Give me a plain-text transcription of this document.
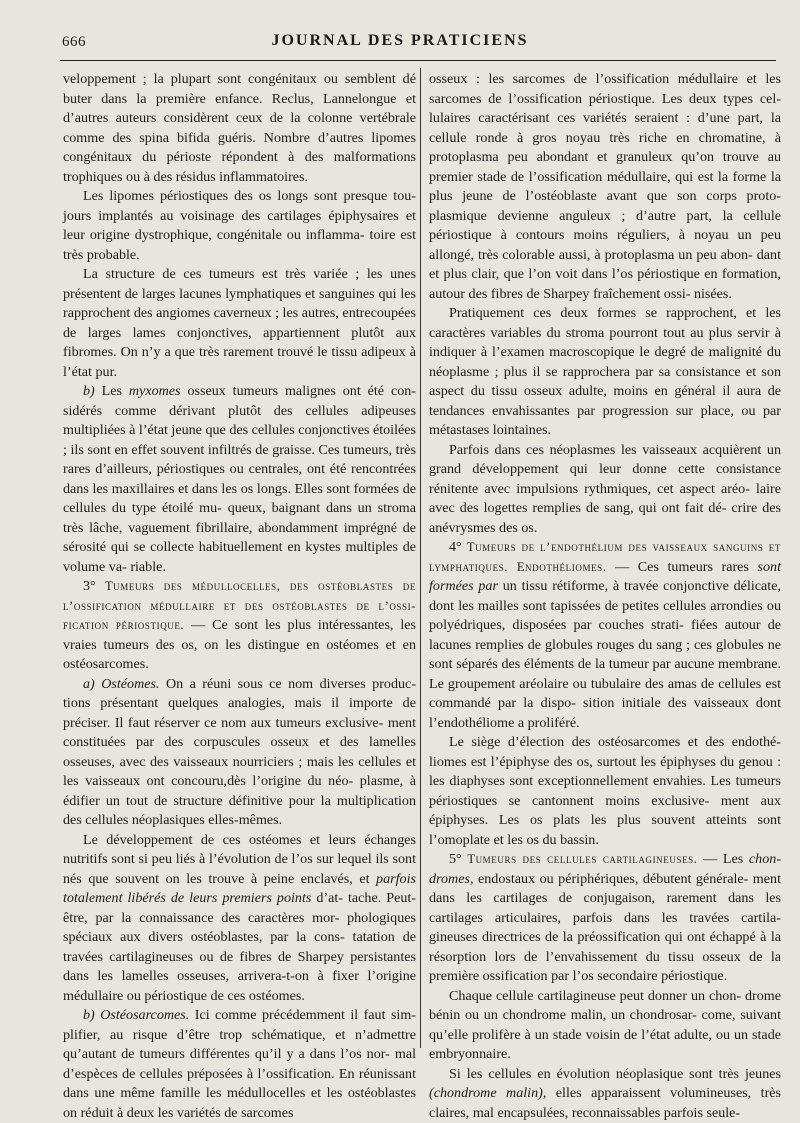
666	JOURNAL DES PRATICIENS

veloppement ; la plupart sont congénitaux ou semblent dé buter dans la première enfance. Reclus, Lannelongue et d’autres auteurs considèrent ceux de la colonne vertébrale comme des spina bifida guéris. Nombre d’autres lipomes congénitaux du périoste répondent à des malformations trophiques ou à des résidus inflammatoires.

Les lipomes périostiques des os longs sont presque tou- jours implantés au voisinage des cartilages épiphysaires et leur origine dystrophique, congénitale ou inflamma- toire est très probable.

La structure de ces tumeurs est très variée ; les unes présentent de larges lacunes lymphatiques et sanguines qui les rapprochent des angiomes caverneux ; les autres, entrecoupées de larges lames conjonctives, appartiennent plutôt aux fibromes. On n’y a que très rarement trouvé le tissu adipeux à l’état pur.

b) Les myxomes osseux tumeurs malignes ont été con- sidérés comme dérivant plutôt des cellules adipeuses multipliées à l’état jeune que des cellules conjonctives étoilées ; ils sont en effet souvent infiltrés de graisse. Ces tumeurs, très rares d’ailleurs, périostiques ou centrales, ont été rencontrées dans les maxillaires et dans les os longs. Elles sont formées de cellules du type étoilé mu- queux, baignant dans un stroma très lâche, vaguement fibrillaire, abondamment imprégné de sérosité qui se collecte habituellement en kystes multiples de volume va- riable.

3° Tumeurs des médullocelles, des ostéoblastes de l’ossification médullaire et des ostéoblastes de l’ossi- fication périostique. — Ce sont les plus intéressantes, les vraies tumeurs des os, on les distingue en ostéomes et en ostéosarcomes.

a) Ostéomes. On a réuni sous ce nom diverses produc- tions présentant quelques analogies, mais il importe de préciser. Il faut réserver ce nom aux tumeurs exclusive- ment constituées par des corpuscules osseux et des lamelles osseuses, avec des vaisseaux nourriciers ; mais les cellules et les vaisseaux ont concouru,dès l’origine du néo- plasme, à édifier un tout de structure définitive pour la multiplication des cellules néoplasiques elles-mêmes.

Le développement de ces ostéomes et leurs échanges nutritifs sont si peu liés à l’évolution de l’os sur lequel ils sont nés que souvent on les trouve à peine enclavés, et parfois totalement libérés de leurs premiers points d’at- tache. Peut-être, par la connaissance des caractères mor- phologiques spéciaux aux divers ostéoblastes, par la cons- tatation de travées cartilagineuses ou de fibres de Sharpey persistantes dans les lamelles osseuses, arrivera-t-on à fixer l’origine médullaire ou périostique de ces ostéomes.

b) Ostéosarcomes. Ici comme précédemment il faut sim- plifier, au risque d’être trop schématique, et n’admettre qu’autant de tumeurs différentes qu’il y a dans l’os nor- mal d’espèces de cellules préposées à l’ossification. En réunissant dans une même famille les médullocelles et les ostéoblastes on réduit à deux les variétés de sarcomes

osseux : les sarcomes de l’ossification médullaire et les sarcomes de l’ossification périostique. Les deux types cel- lulaires caractérisant ces variétés seraient : d’une part, la cellule ronde à gros noyau très riche en chromatine, à protoplasma peu abondant et granuleux qu’on trouve au premier stade de l’ossification médullaire, qui est la forme la plus jeune de l’ostéoblaste avant que son corps proto- plasmique devienne anguleux ; d’autre part, la cellule périostique à contours moins réguliers, à noyau un peu allongé, très colorable aussi, à protoplasma un peu abon- dant et plus clair, que l’on voit dans l’os périostique en formation, autour des fibres de Sharpey fraîchement ossi- nisées.

Pratiquement ces deux formes se rapprochent, et les caractères variables du stroma pourront tout au plus servir à indiquer à l’examen macroscopique le degré de malignité du néoplasme ; plus il se rapprochera par sa consistance et son aspect du tissu osseux adulte, moins en général il aura de tendances envahissantes par progression sur place, ou par métastases lointaines.

Parfois dans ces néoplasmes les vaisseaux acquièrent un grand développement qui leur donne cette consistance rénitente avec impulsions rythmiques, cet aspect aréo- laire avec des logettes remplies de sang, qui ont fait dé- crire des anévrysmes des os.

4° Tumeurs de l’endothélium des vaisseaux sanguins et lymphatiques. Endothéliomes. — Ces tumeurs rares sont formées par un tissu rétiforme, à travée conjonctive délicate, dont les mailles sont tapissées de petites cellules arrondies ou polyédriques, disposées par couches strati- fiées autour de lacunes remplies de globules rouges du sang ; ces globules ne sont séparés des éléments de la tumeur par aucune membrane. Le groupement aréolaire ou tubulaire des amas de cellules est commandé par la dispo- sition initiale des vaisseaux dont l’endothéliome a proliféré.

Le siège d’élection des ostéosarcomes et des endothé- liomes est l’épiphyse des os, surtout les épiphyses du genou : les diaphyses sont exceptionnellement envahies. Les tumeurs périostiques se cantonnent moins exclusive- ment aux épiphyses. Les os plats les plus souvent atteints sont l’omoplate et les os du bassin.

5° Tumeurs des cellules cartilagineuses. — Les chon- dromes, endostaux ou périphériques, débutent générale- ment dans les cartilages de conjugaison, rarement dans les cartilages articulaires, parfois dans les travées cartila- gineuses directrices de la préossification qui ont échappé à la résorption lors de l’envahissement du tissu osseux de la première ossification par l’os secondaire périostique.

Chaque cellule cartilagineuse peut donner un chon- drome bénin ou un chondrome malin, un chondrosar- come, suivant qu’elle prolifère à un stade voisin de l’état adulte, ou un stade embryonnaire.

Si les cellules en évolution néoplasique sont très jeunes (chondrome malin), elles apparaissent volumineuses, très claires, mal encapsulées, reconnaissables parfois seule-
